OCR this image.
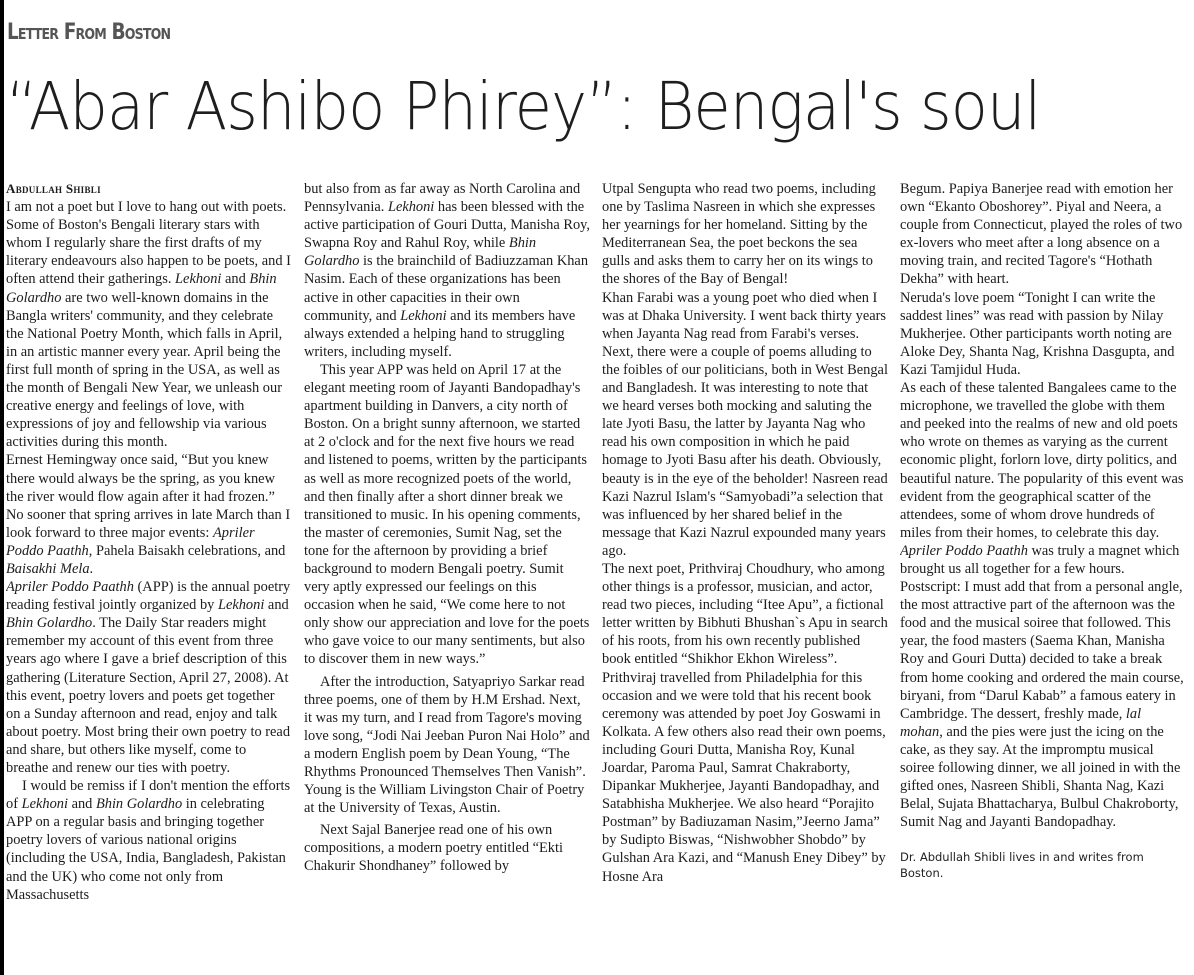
Letter From Boston
“Abar Ashibo Phirey”: Bengal's soul

Abdullah Shibli

I am not a poet but I love to hang out with poets. Some of Boston's Bengali literary stars with whom I regularly share the first drafts of my literary endeavours also happen to be poets, and I often attend their gatherings. Lekhoni and Bhin Golardho are two well-known domains in the Bangla writers' community, and they celebrate the National Poetry Month, which falls in April, in an artistic manner every year. April being the first full month of spring in the USA, as well as the month of Bengali New Year, we unleash our creative energy and feelings of love, with expressions of joy and fellowship via various activities during this month.

Ernest Hemingway once said, “But you knew there would always be the spring, as you knew the river would flow again after it had frozen.” No sooner that spring arrives in late March than I look forward to three major events: Apriler Poddo Paathh, Pahela Baisakh celebrations, and Baisakhi Mela.

Apriler Poddo Paathh (APP) is the annual poetry reading festival jointly organized by Lekhoni and Bhin Golardho. The Daily Star readers might remember my account of this event from three years ago where I gave a brief description of this gathering (Literature Section, April 27, 2008). At this event, poetry lovers and poets get together on a Sunday afternoon and read, enjoy and talk about poetry. Most bring their own poetry to read and share, but others like myself, come to breathe and renew our ties with poetry.

I would be remiss if I don't mention the efforts of Lekhoni and Bhin Golardho in celebrating APP on a regular basis and bringing together poetry lovers of various national origins (including the USA, India, Bangladesh, Pakistan and the UK) who come not only from Massachusetts

but also from as far away as North Carolina and Pennsylvania. Lekhoni has been blessed with the active participation of Gouri Dutta, Manisha Roy, Swapna Roy and Rahul Roy, while Bhin Golardho is the brainchild of Badiuzzaman Khan Nasim. Each of these organizations has been active in other capacities in their own community, and Lekhoni and its members have always extended a helping hand to struggling writers, including myself.

This year APP was held on April 17 at the elegant meeting room of Jayanti Bandopadhay's apartment building in Danvers, a city north of Boston. On a bright sunny afternoon, we started at 2 o'clock and for the next five hours we read and listened to poems, written by the participants as well as more recognized poets of the world, and then finally after a short dinner break we transitioned to music. In his opening comments, the master of ceremonies, Sumit Nag, set the tone for the afternoon by providing a brief background to modern Bengali poetry. Sumit very aptly expressed our feelings on this occasion when he said, “We come here to not only show our appreciation and love for the poets who gave voice to our many sentiments, but also to discover them in new ways.”

After the introduction, Satyapriyo Sarkar read three poems, one of them by H.M Ershad. Next, it was my turn, and I read from Tagore's moving love song, “Jodi Nai Jeeban Puron Nai Holo” and a modern English poem by Dean Young, “The Rhythms Pronounced Themselves Then Vanish”. Young is the William Livingston Chair of Poetry at the University of Texas, Austin.

Next Sajal Banerjee read one of his own compositions, a modern poetry entitled “Ekti Chakurir Shondhaney” followed by

Utpal Sengupta who read two poems, including one by Taslima Nasreen in which she expresses her yearnings for her homeland. Sitting by the Mediterranean Sea, the poet beckons the sea gulls and asks them to carry her on its wings to the shores of the Bay of Bengal!

Khan Farabi was a young poet who died when I was at Dhaka University. I went back thirty years when Jayanta Nag read from Farabi's verses. Next, there were a couple of poems alluding to the foibles of our politicians, both in West Bengal and Bangladesh. It was interesting to note that we heard verses both mocking and saluting the late Jyoti Basu, the latter by Jayanta Nag who read his own composition in which he paid homage to Jyoti Basu after his death. Obviously, beauty is in the eye of the beholder! Nasreen read Kazi Nazrul Islam's “Samyobadi”a selection that was influenced by her shared belief in the message that Kazi Nazrul expounded many years ago.

The next poet, Prithviraj Choudhury, who among other things is a professor, musician, and actor, read two pieces, including “Itee Apu”, a fictional letter written by Bibhuti Bhushan`s Apu in search of his roots, from his own recently published book entitled “Shikhor Ekhon Wireless”. Prithviraj travelled from Philadelphia for this occasion and we were told that his recent book ceremony was attended by poet Joy Goswami in Kolkata. A few others also read their own poems, including Gouri Dutta, Manisha Roy, Kunal Joardar, Paroma Paul, Samrat Chakraborty, Dipankar Mukherjee, Jayanti Bandopadhay, and Satabhisha Mukherjee. We also heard “Porajito Postman” by Badiuzaman Nasim,”Jeerno Jama” by Sudipto Biswas, “Nishwobher Shobdo” by Gulshan Ara Kazi, and “Manush Eney Dibey” by Hosne Ara

Begum. Papiya Banerjee read with emotion her own “Ekanto Oboshorey”. Piyal and Neera, a couple from Connecticut, played the roles of two ex-lovers who meet after a long absence on a moving train, and recited Tagore's “Hothath Dekha” with heart.

Neruda's love poem “Tonight I can write the saddest lines” was read with passion by Nilay Mukherjee. Other participants worth noting are Aloke Dey, Shanta Nag, Krishna Dasgupta, and Kazi Tamjidul Huda.

As each of these talented Bangalees came to the microphone, we travelled the globe with them and peeked into the realms of new and old poets who wrote on themes as varying as the current economic plight, forlorn love, dirty politics, and beautiful nature. The popularity of this event was evident from the geographical scatter of the attendees, some of whom drove hundreds of miles from their homes, to celebrate this day. Apriler Poddo Paathh was truly a magnet which brought us all together for a few hours.

Postscript: I must add that from a personal angle, the most attractive part of the afternoon was the food and the musical soiree that followed. This year, the food masters (Saema Khan, Manisha Roy and Gouri Dutta) decided to take a break from home cooking and ordered the main course, biryani, from “Darul Kabab” a famous eatery in Cambridge. The dessert, freshly made, lal mohan, and the pies were just the icing on the cake, as they say. At the impromptu musical soiree following dinner, we all joined in with the gifted ones, Nasreen Shibli, Shanta Nag, Kazi Belal, Sujata Bhattacharya, Bulbul Chakroborty, Sumit Nag and Jayanti Bandopadhay.

Dr. Abdullah Shibli lives in and writes from Boston.
